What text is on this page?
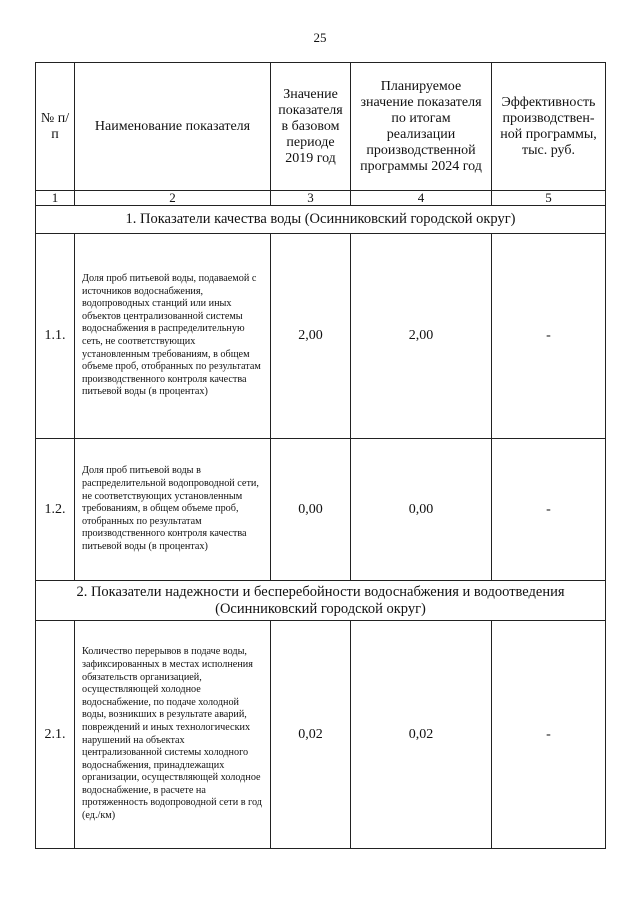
25
№ п/п	Наименование показателя	Значение показателя в базовом периоде 2019 год	Планируемое значение показателя по итогам реализации производственной программы 2024 год	Эффективность производствен-ной программы, тыс. руб.
1	2	3	4	5
1. Показатели качества воды (Осинниковский городской округ)				
1.1.	Доля проб питьевой воды, подаваемой с источников водоснабжения, водопроводных станций или иных объектов централизованной системы водоснабжения в распределительную сеть, не соответствующих установленным требованиям, в общем объеме проб, отобранных по результатам производственного контроля качества питьевой воды (в процентах)	2,00	2,00	-
1.2.	Доля проб питьевой воды в распределительной водопроводной сети, не соответствующих установленным требованиям, в общем объеме проб, отобранных по результатам производственного контроля качества питьевой воды (в процентах)	0,00	0,00	-
2. Показатели надежности и бесперебойности водоснабжения и водоотведения (Осинниковский городской округ)				
2.1.	Количество перерывов в подаче воды, зафиксированных в местах исполнения обязательств организацией, осуществляющей холодное водоснабжение, по подаче холодной воды, возникших в результате аварий, повреждений и иных технологических нарушений на объектах централизованной системы холодного водоснабжения, принадлежащих организации, осуществляющей холодное водоснабжение, в расчете на протяженность водопроводной сети в год (ед./км)	0,02	0,02	-
